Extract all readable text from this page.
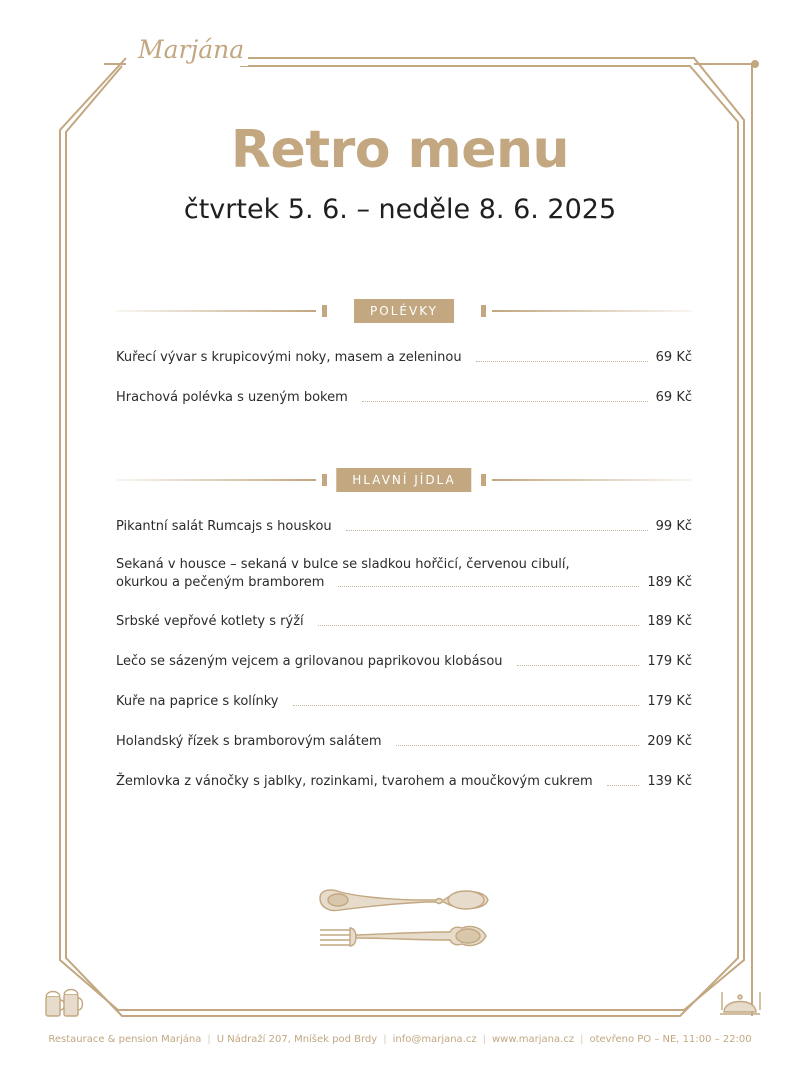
Marjána
Retro menu
čtvrtek 5. 6. – neděle 8. 6. 2025
POLÉVKY
Kuřecí vývar s krupicovými noky, masem a zeleninou	69 Kč
Hrachová polévka s uzeným bokem	69 Kč
HLAVNÍ JÍDLA
Pikantní salát Rumcajs s houskou	99 Kč
Sekaná v housce – sekaná v bulce se sladkou hořčicí, červenou cibulí,
okurkou a pečeným bramborem	189 Kč
Srbské vepřové kotlety s rýží	189 Kč
Lečo se sázeným vejcem a grilovanou paprikovou klobásou	179 Kč
Kuře na paprice s kolínky	179 Kč
Holandský řízek s bramborovým salátem	209 Kč
Žemlovka z vánočky s jablky, rozinkami, tvarohem a moučkovým cukrem	139 Kč
Restaurace & pension Marjána | U Nádraží 207, Mníšek pod Brdy | info@marjana.cz | www.marjana.cz | otevřeno PO – NE, 11:00 – 22:00
